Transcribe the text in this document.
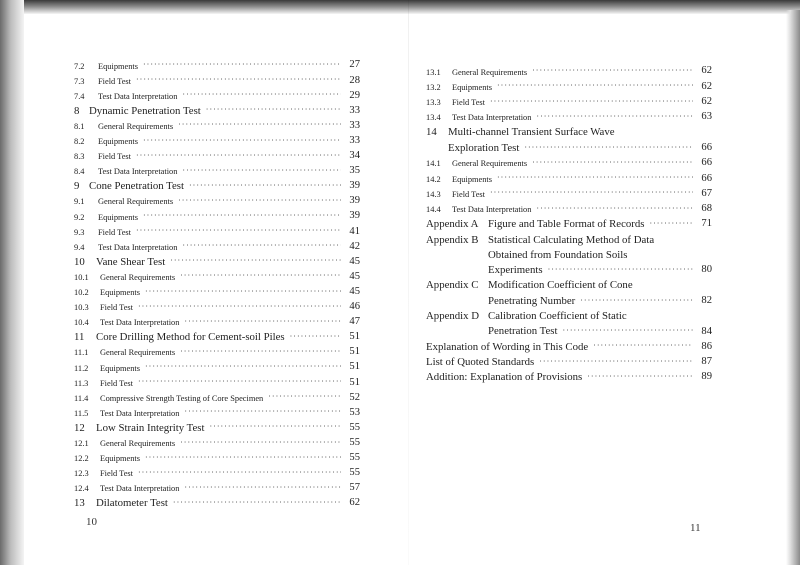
7.2	Equipments ·····	27
7.3	Field Test ·····	28
7.4	Test Data Interpretation ·····	29
8 Dynamic Penetration Test ·····	33
8.1	General Requirements ·····	33
8.2	Equipments ·····	33
8.3	Field Test ·····	34
8.4	Test Data Interpretation ·····	35
9 Cone Penetration Test ·····	39
9.1	General Requirements ·····	39
9.2	Equipments ·····	39
9.3	Field Test ·····	41
9.4	Test Data Interpretation ·····	42
10	Vane Shear Test ·····	45
10.1	General Requirements ·····	45
10.2	Equipments ·····	45
10.3	Field Test ·····	46
10.4	Test Data Interpretation ·····	47
11	Core Drilling Method for Cement-soil Piles ·····	51
11.1	General Requirements ·····	51
11.2	Equipments ·····	51
11.3	Field Test ·····	51
11.4	Compressive Strength Testing of Core Specimen ·····	52
11.5	Test Data Interpretation ·····	53
12	Low Strain Integrity Test ·····	55
12.1	General Requirements ·····	55
12.2	Equipments ·····	55
12.3	Field Test ·····	55
12.4	Test Data Interpretation ·····	57
13	Dilatometer Test ·····	62
13.1	General Requirements ·····	62
13.2	Equipments ·····	62
13.3	Field Test ·····	62
13.4	Test Data Interpretation ·····	63
14	Multi-channel Transient Surface Wave
Exploration Test ·····	66
14.1	General Requirements ·····	66
14.2	Equipments ·····	66
14.3	Field Test ·····	67
14.4	Test Data Interpretation ·····	68
Appendix A Figure and Table Format of Records ·····	71
Appendix B Statistical Calculating Method of Data
Obtained from Foundation Soils
Experiments ·····	80
Appendix C Modification Coefficient of Cone
Penetrating Number ·····	82
Appendix D Calibration Coefficient of Static
Penetration Test ·····	84
Explanation of Wording in This Code ·····	86
List of Quoted Standards ·····	87
Addition: Explanation of Provisions ·····	89
10	11
